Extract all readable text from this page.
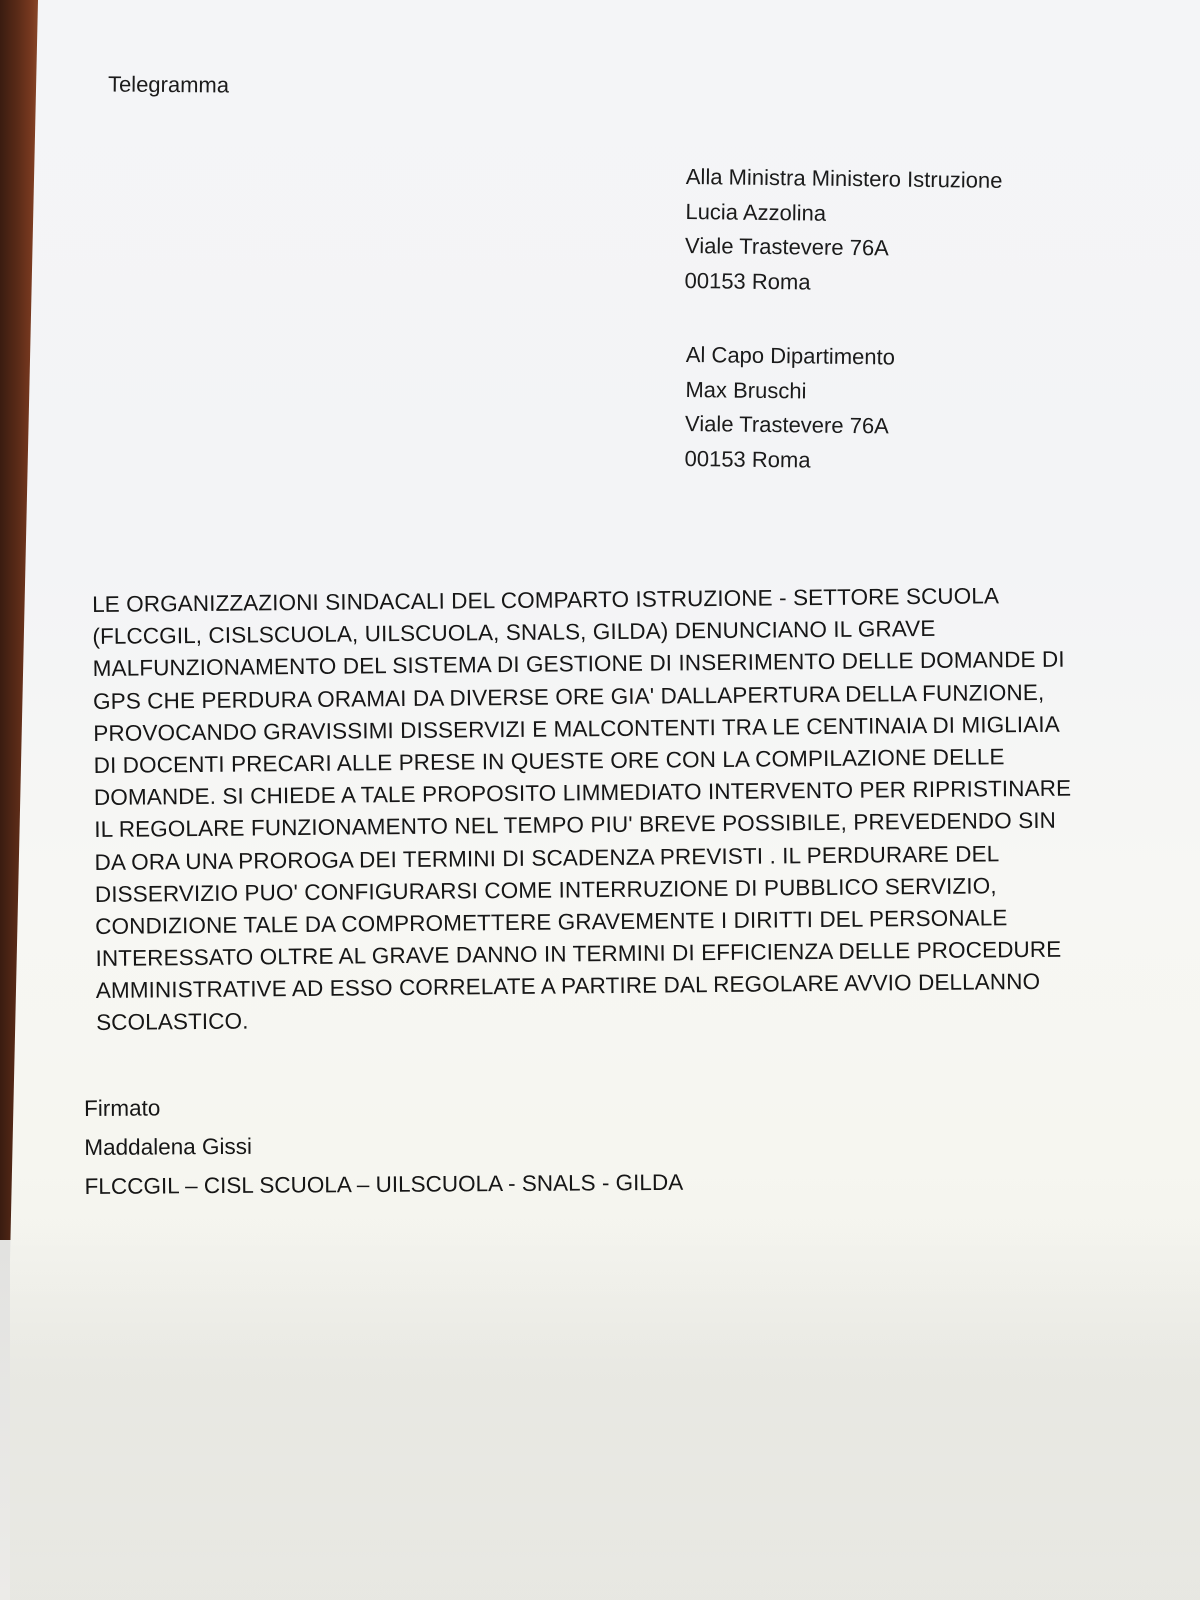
Telegramma
Alla Ministra Ministero Istruzione
Lucia Azzolina
Viale Trastevere 76A
00153 Roma
Al Capo Dipartimento
Max Bruschi
Viale Trastevere 76A
00153 Roma
LE ORGANIZZAZIONI SINDACALI DEL COMPARTO ISTRUZIONE - SETTORE SCUOLA
(FLCCGIL, CISLSCUOLA, UILSCUOLA, SNALS, GILDA) DENUNCIANO IL GRAVE
MALFUNZIONAMENTO DEL SISTEMA DI GESTIONE DI INSERIMENTO DELLE DOMANDE DI
GPS CHE PERDURA ORAMAI DA DIVERSE ORE GIA' DALLAPERTURA DELLA FUNZIONE,
PROVOCANDO GRAVISSIMI DISSERVIZI E MALCONTENTI TRA LE CENTINAIA DI MIGLIAIA
DI DOCENTI PRECARI ALLE PRESE IN QUESTE ORE CON LA COMPILAZIONE DELLE
DOMANDE. SI CHIEDE A TALE PROPOSITO LIMMEDIATO INTERVENTO PER RIPRISTINARE
IL REGOLARE FUNZIONAMENTO NEL TEMPO PIU' BREVE POSSIBILE, PREVEDENDO SIN
DA ORA UNA PROROGA DEI TERMINI DI SCADENZA PREVISTI . IL PERDURARE DEL
DISSERVIZIO PUO' CONFIGURARSI COME INTERRUZIONE DI PUBBLICO SERVIZIO,
CONDIZIONE TALE DA COMPROMETTERE GRAVEMENTE I DIRITTI DEL PERSONALE
INTERESSATO OLTRE AL GRAVE DANNO IN TERMINI DI EFFICIENZA DELLE PROCEDURE
AMMINISTRATIVE AD ESSO CORRELATE A PARTIRE DAL REGOLARE AVVIO DELLANNO
SCOLASTICO.
Firmato
Maddalena Gissi
FLCCGIL – CISL SCUOLA – UILSCUOLA - SNALS - GILDA
